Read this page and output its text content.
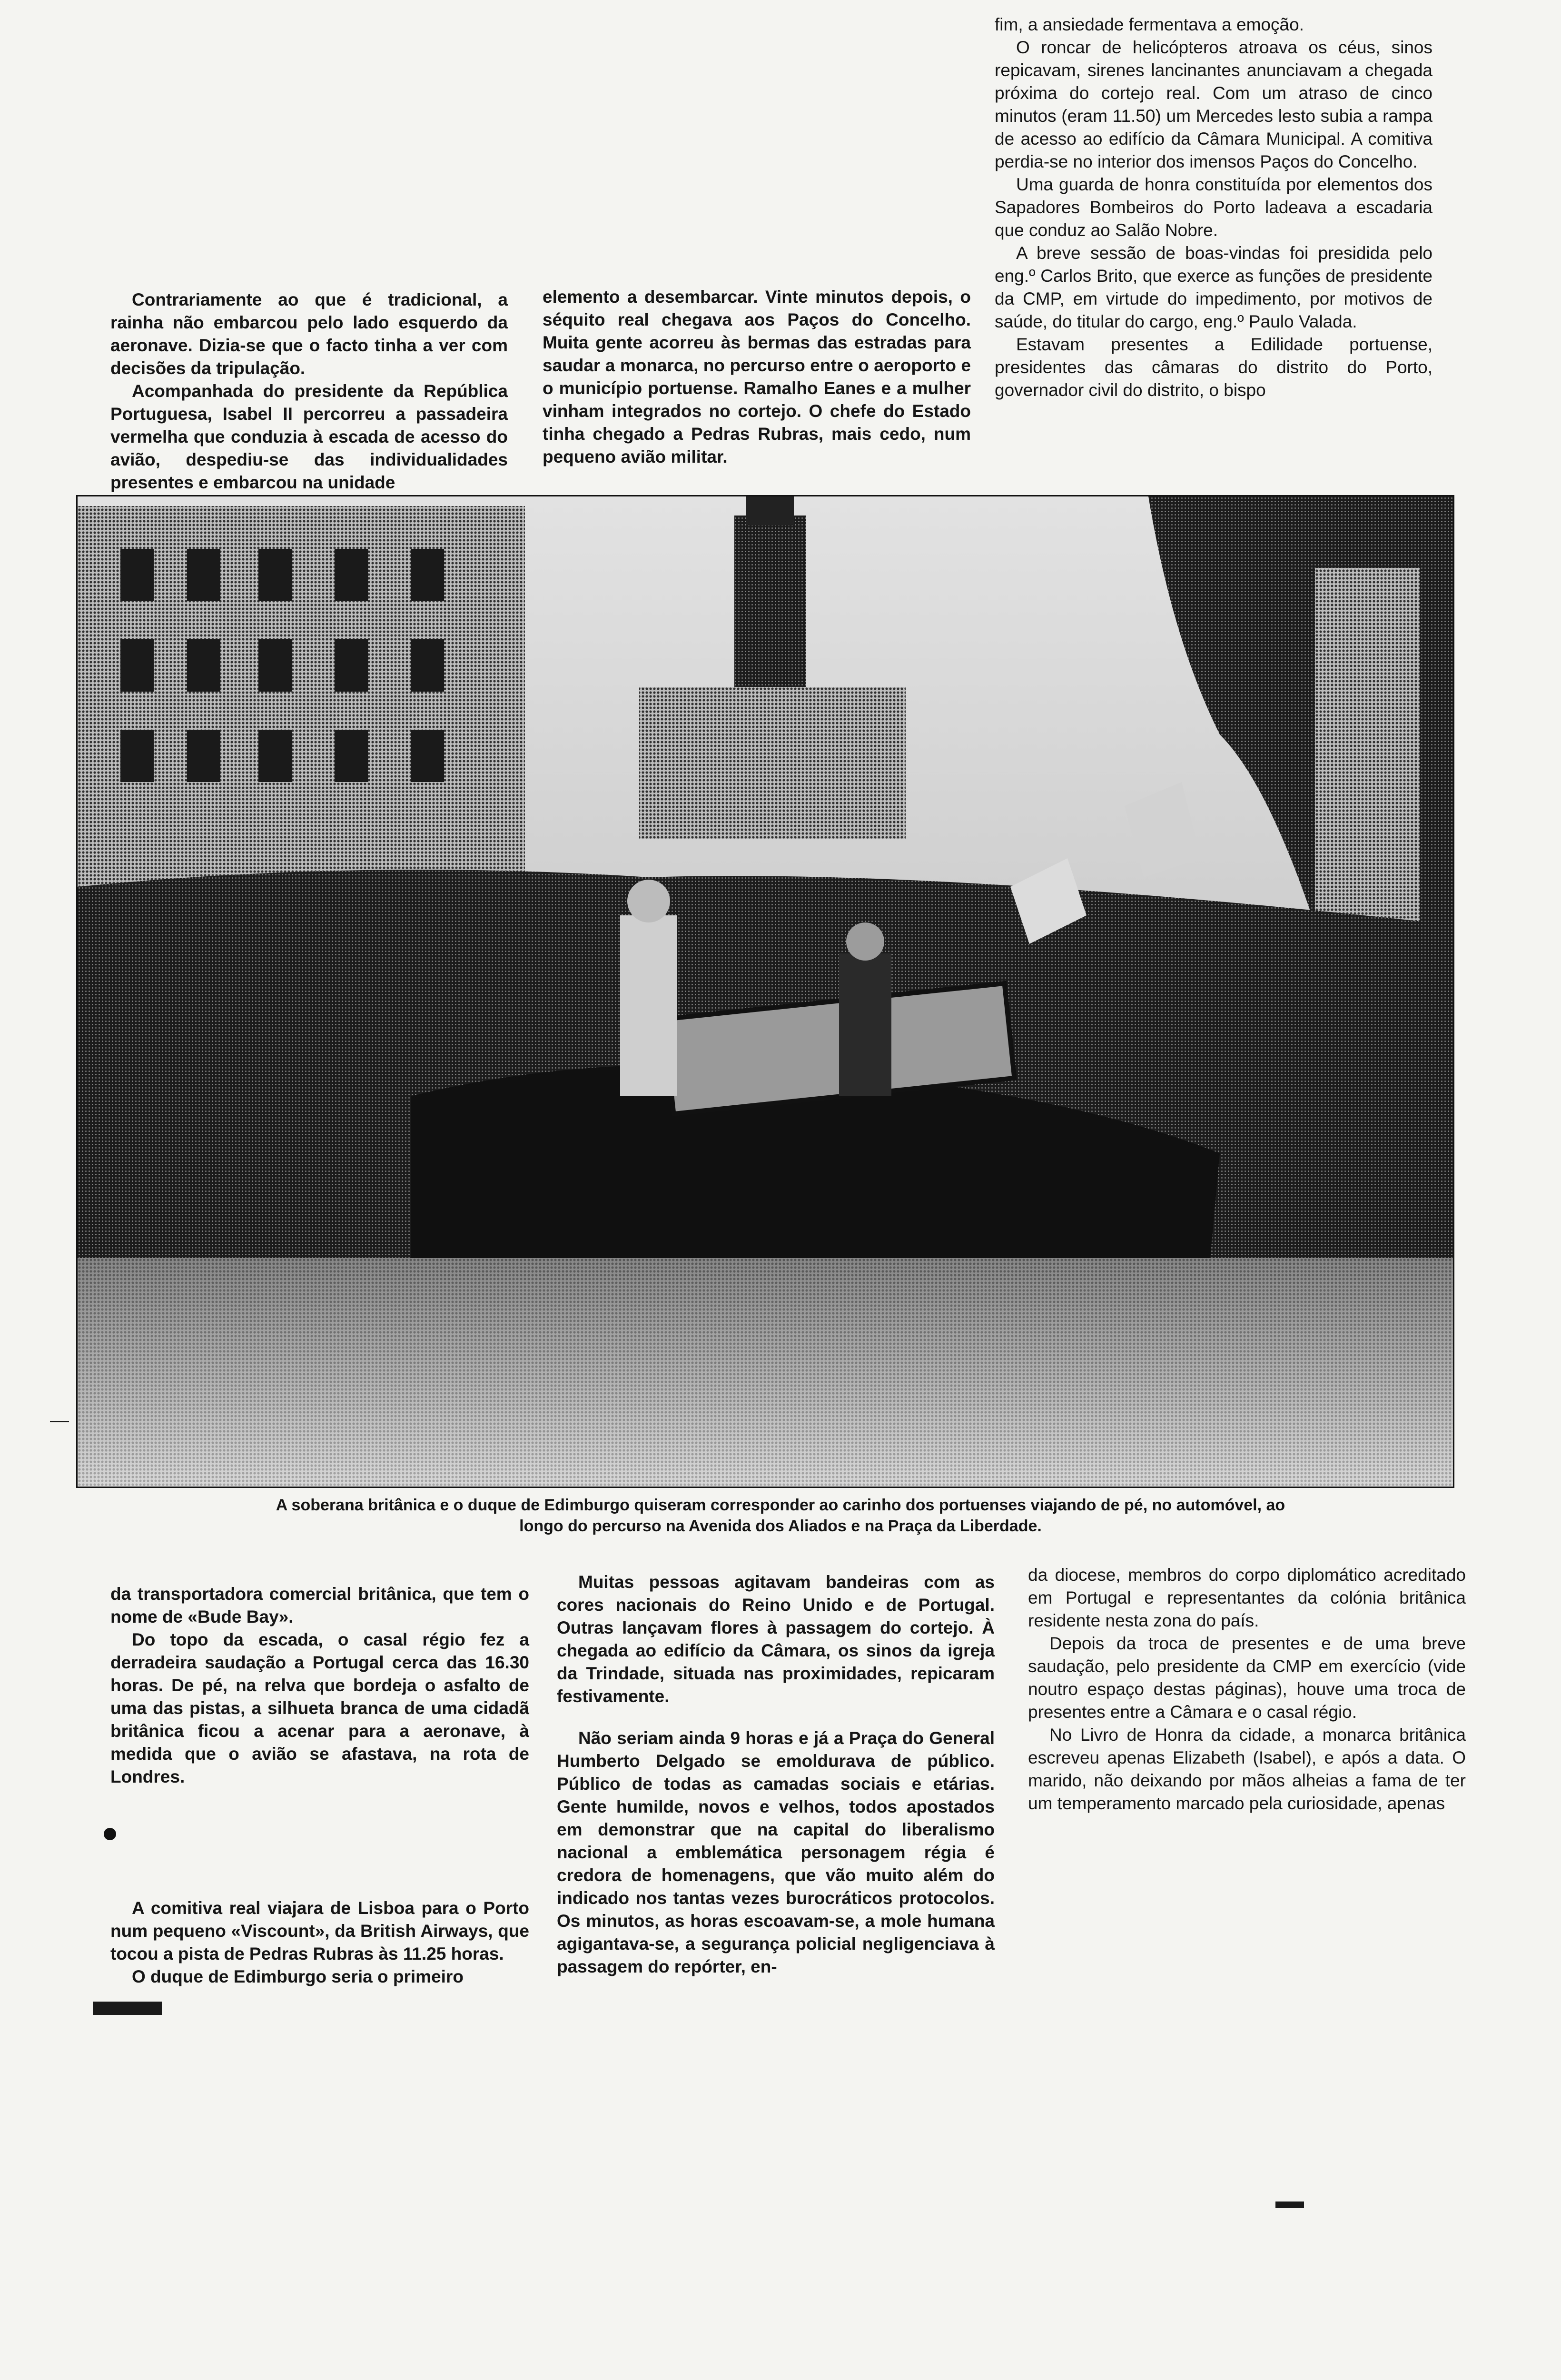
Contrariamente ao que é tradicional, a rainha não embarcou pelo lado esquerdo da aeronave. Dizia-se que o facto tinha a ver com decisões da tripulação.

Acompanhada do presidente da República Portuguesa, Isabel II percorreu a passadeira vermelha que conduzia à escada de acesso do avião, despediu-se das individualidades presentes e embarcou na unidade

elemento a desembarcar. Vinte minutos depois, o séquito real chegava aos Paços do Concelho. Muita gente acorreu às bermas das estradas para saudar a monarca, no percurso entre o aeroporto e o município portuense. Ramalho Eanes e a mulher vinham integrados no cortejo. O chefe do Estado tinha chegado a Pedras Rubras, mais cedo, num pequeno avião militar.

fim, a ansiedade fermentava a emoção.

O roncar de helicópteros atroava os céus, sinos repicavam, sirenes lancinantes anunciavam a chegada próxima do cortejo real. Com um atraso de cinco minutos (eram 11.50) um Mercedes lesto subia a rampa de acesso ao edifício da Câmara Municipal. A comitiva perdia-se no interior dos imensos Paços do Concelho.

Uma guarda de honra constituída por elementos dos Sapadores Bombeiros do Porto ladeava a escadaria que conduz ao Salão Nobre.

A breve sessão de boas-vindas foi presidida pelo eng.º Carlos Brito, que exerce as funções de presidente da CMP, em virtude do impedimento, por motivos de saúde, do titular do cargo, eng.º Paulo Valada.

Estavam presentes a Edilidade portuense, presidentes das câmaras do distrito do Porto, governador civil do distrito, o bispo

A soberana britânica e o duque de Edimburgo quiseram corresponder ao carinho dos portuenses viajando de pé, no automóvel, ao
longo do percurso na Avenida dos Aliados e na Praça da Liberdade.

da transportadora comercial britânica, que tem o nome de «Bude Bay».

Do topo da escada, o casal régio fez a derradeira saudação a Portugal cerca das 16.30 horas. De pé, na relva que bordeja o asfalto de uma das pistas, a silhueta branca de uma cidadã britânica ficou a acenar para a aeronave, à medida que o avião se afastava, na rota de Londres.

A comitiva real viajara de Lisboa para o Porto num pequeno «Viscount», da British Airways, que tocou a pista de Pedras Rubras às 11.25 horas.

O duque de Edimburgo seria o primeiro

Muitas pessoas agitavam bandeiras com as cores nacionais do Reino Unido e de Portugal. Outras lançavam flores à passagem do cortejo. À chegada ao edifício da Câmara, os sinos da igreja da Trindade, situada nas proximidades, repicaram festivamente.

Não seriam ainda 9 horas e já a Praça do General Humberto Delgado se emoldurava de público. Público de todas as camadas sociais e etárias. Gente humilde, novos e velhos, todos apostados em demonstrar que na capital do liberalismo nacional a emblemática personagem régia é credora de homenagens, que vão muito além do indicado nos tantas vezes burocráticos protocolos. Os minutos, as horas escoavam-se, a mole humana agigantava-se, a segurança policial negligenciava à passagem do repórter, en-

da diocese, membros do corpo diplomático acreditado em Portugal e representantes da colónia britânica residente nesta zona do país.

Depois da troca de presentes e de uma breve saudação, pelo presidente da CMP em exercício (vide noutro espaço destas páginas), houve uma troca de presentes entre a Câmara e o casal régio.

No Livro de Honra da cidade, a monarca britânica escreveu apenas Elizabeth (Isabel), e após a data. O marido, não deixando por mãos alheias a fama de ter um temperamento marcado pela curiosidade, apenas
